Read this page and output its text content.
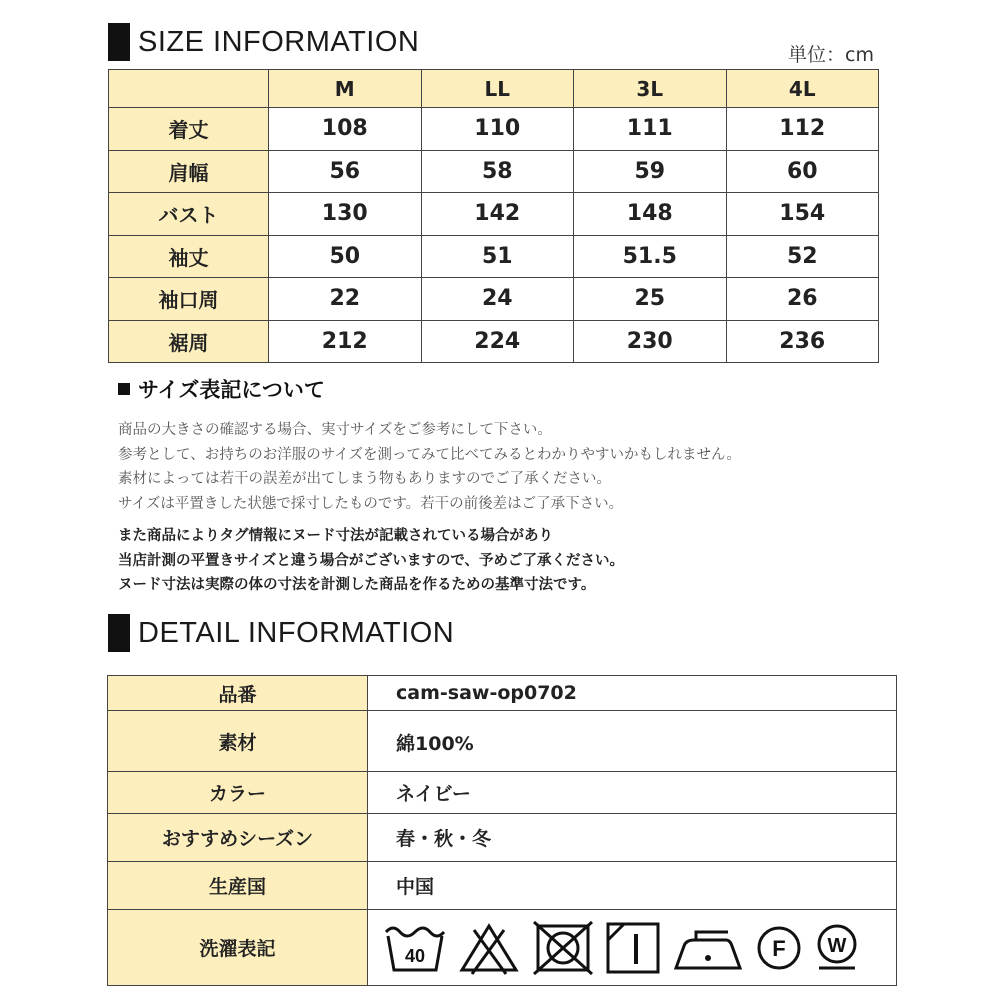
SIZE INFORMATION	単位：cm
	M	LL	3L	4L
着丈	108	110	111	112
肩幅	56	58	59	60
バスト	130	142	148	154
袖丈	50	51	51.5	52
袖口周	22	24	25	26
裾周	212	224	230	236
サイズ表記について

商品の大きさの確認する場合、実寸サイズをご参考にして下さい。

参考として、お持ちのお洋服のサイズを測ってみて比べてみるとわかりやすいかもしれません。

素材によっては若干の誤差が出てしまう物もありますのでご了承ください。

サイズは平置きした状態で採寸したものです。若干の前後差はご了承下さい。

また商品によりタグ情報にヌード寸法が記載されている場合があり

当店計測の平置きサイズと違う場合がございますので、予めご了承ください。

ヌード寸法は実際の体の寸法を計測した商品を作るための基準寸法です。

DETAIL INFORMATION
品番	cam-saw-op0702
素材	綿100%
カラー	ネイビー
おすすめシーズン	春・秋・冬
生産国	中国
洗濯表記	40 F W
